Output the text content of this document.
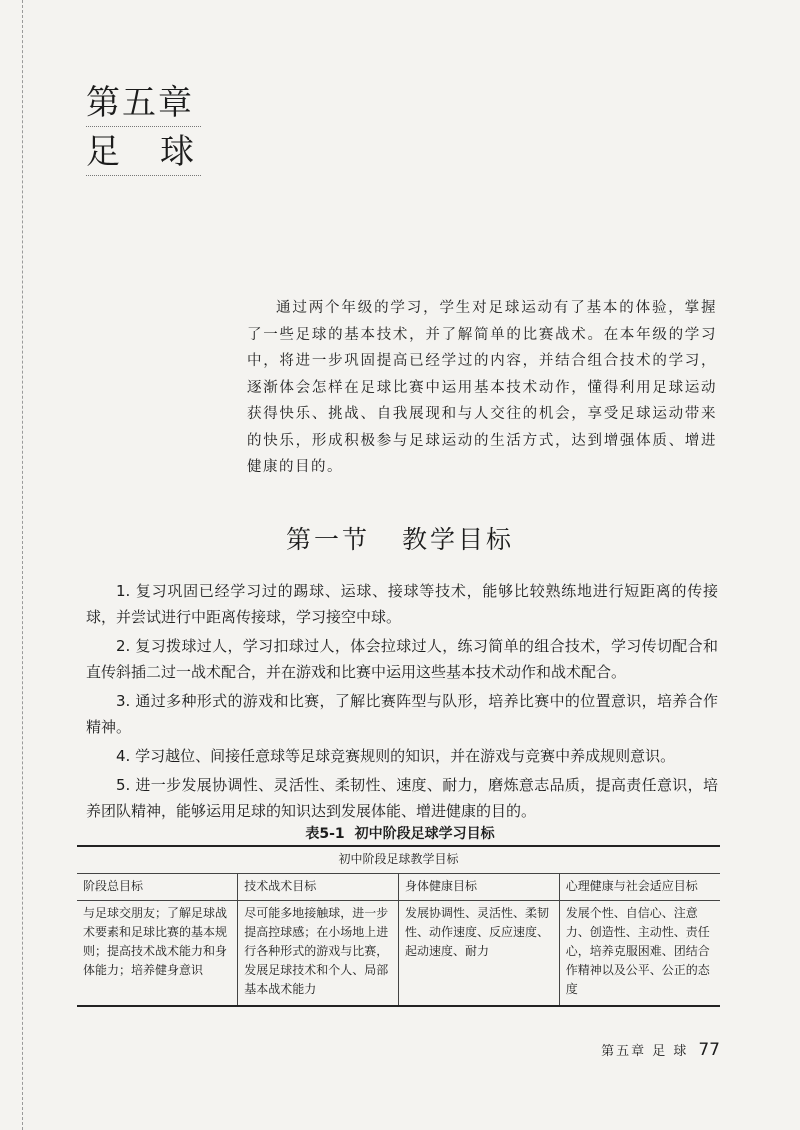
第五章
足球
通过两个年级的学习，学生对足球运动有了基本的体验，掌握了一些足球的基本技术，并了解简单的比赛战术。在本年级的学习中，将进一步巩固提高已经学过的内容，并结合组合技术的学习，逐渐体会怎样在足球比赛中运用基本技术动作，懂得利用足球运动获得快乐、挑战、自我展现和与人交往的机会，享受足球运动带来的快乐，形成积极参与足球运动的生活方式，达到增强体质、增进健康的目的。
第一节 教学目标

1. 复习巩固已经学习过的踢球、运球、接球等技术，能够比较熟练地进行短距离的传接球，并尝试进行中距离传接球，学习接空中球。

2. 复习拨球过人，学习扣球过人，体会拉球过人，练习简单的组合技术，学习传切配合和直传斜插二过一战术配合，并在游戏和比赛中运用这些基本技术动作和战术配合。

3. 通过多种形式的游戏和比赛，了解比赛阵型与队形，培养比赛中的位置意识，培养合作精神。

4. 学习越位、间接任意球等足球竞赛规则的知识，并在游戏与竞赛中养成规则意识。

5. 进一步发展协调性、灵活性、柔韧性、速度、耐力，磨炼意志品质，提高责任意识，培养团队精神，能够运用足球的知识达到发展体能、增进健康的目的。

表5-1 初中阶段足球学习目标
初中阶段足球教学目标			
阶段总目标	技术战术目标	身体健康目标	心理健康与社会适应目标
与足球交朋友；了解足球战术要素和足球比赛的基本规则；提高技术战术能力和身体能力；培养健身意识	尽可能多地接触球，进一步提高控球感；在小场地上进行各种形式的游戏与比赛，发展足球技术和个人、局部基本战术能力	发展协调性、灵活性、柔韧性、动作速度、反应速度、起动速度、耐力	发展个性、自信心、注意力、创造性、主动性、责任心，培养克服困难、团结合作精神以及公平、公正的态度
第五章 足 球 77
